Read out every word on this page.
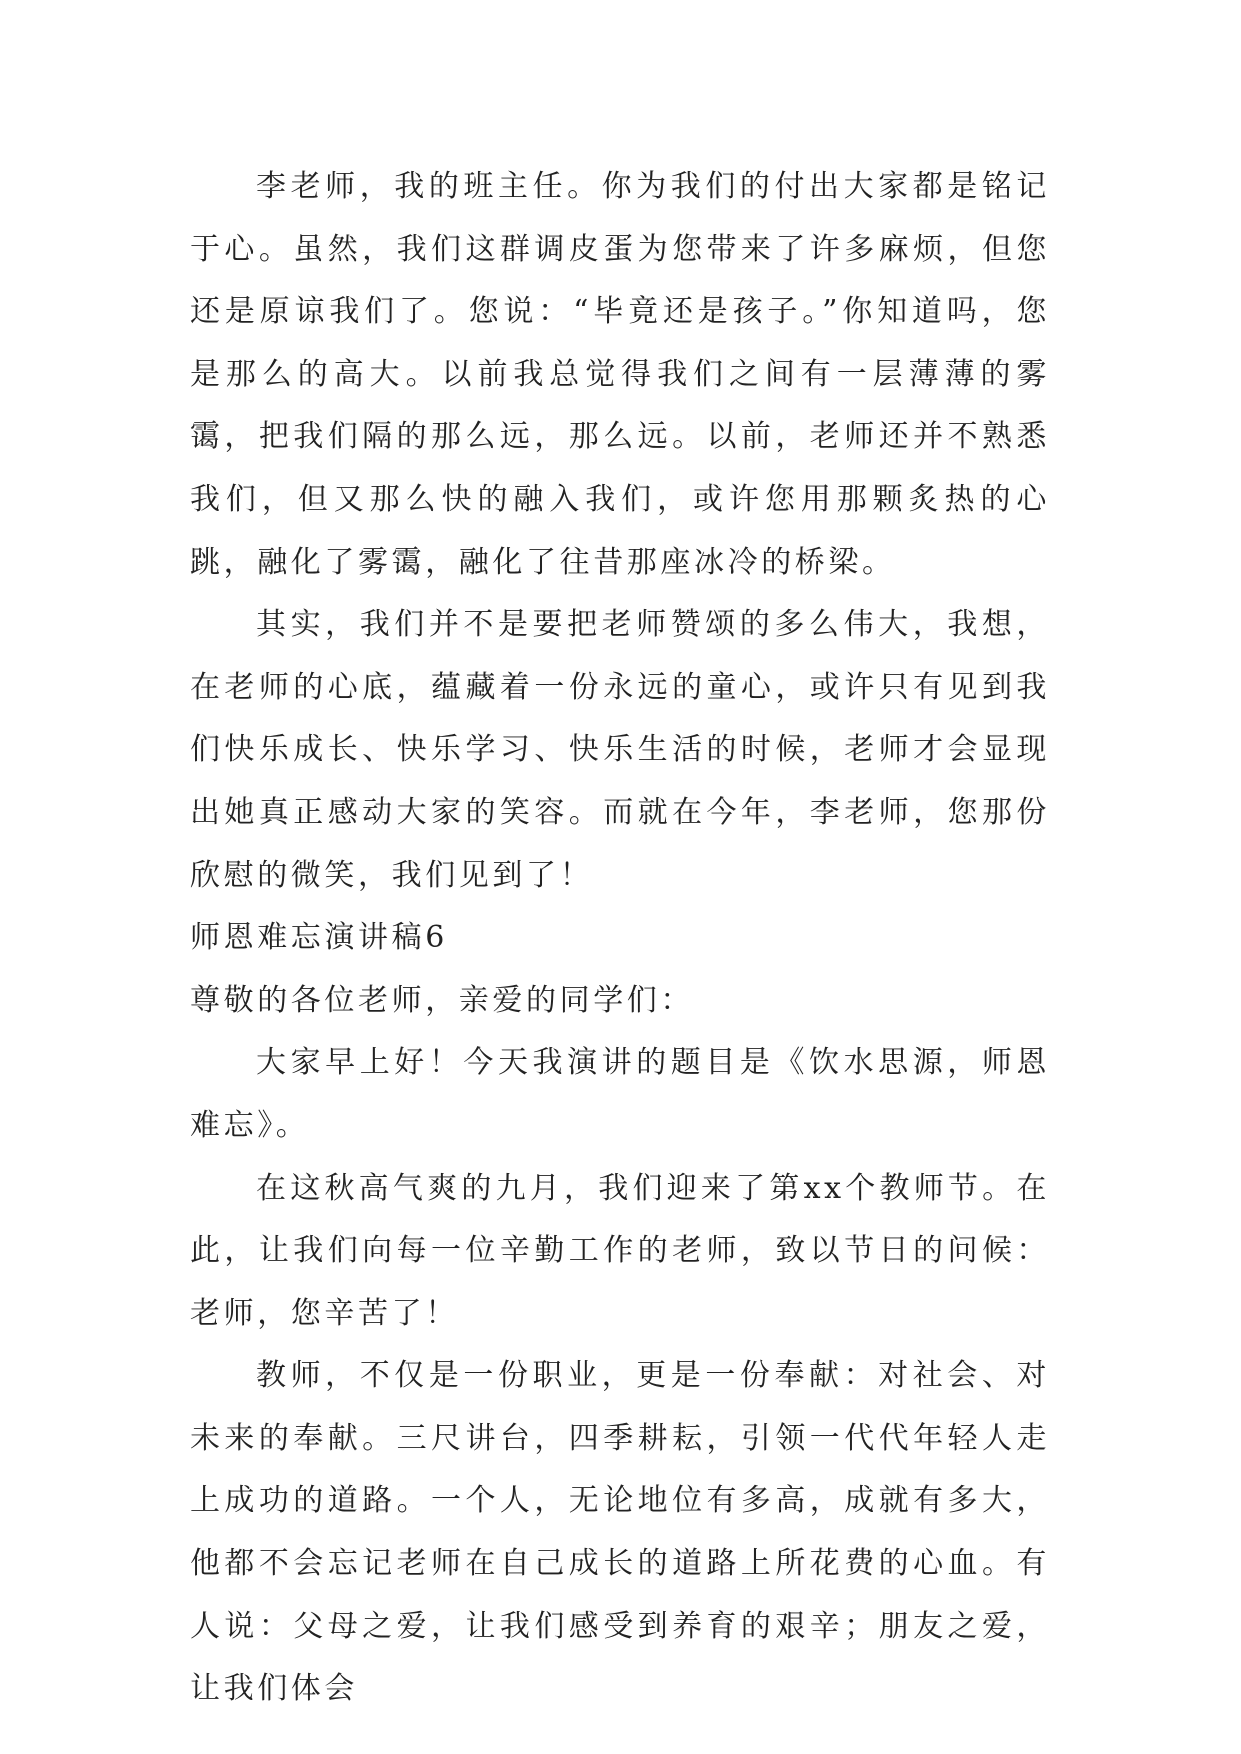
李老师，我的班主任。你为我们的付出大家都是铭记于心。虽然，我们这群调皮蛋为您带来了许多麻烦，但您还是原谅我们了。您说：“毕竟还是孩子。”你知道吗，您是那么的高大。以前我总觉得我们之间有一层薄薄的雾霭，把我们隔的那么远，那么远。以前，老师还并不熟悉我们，但又那么快的融入我们，或许您用那颗炙热的心跳，融化了雾霭，融化了往昔那座冰冷的桥梁。

其实，我们并不是要把老师赞颂的多么伟大，我想，在老师的心底，蕴藏着一份永远的童心，或许只有见到我们快乐成长、快乐学习、快乐生活的时候，老师才会显现出她真正感动大家的笑容。而就在今年，李老师，您那份欣慰的微笑，我们见到了！

师恩难忘演讲稿6

尊敬的各位老师，亲爱的同学们：

大家早上好！今天我演讲的题目是《饮水思源，师恩难忘》。

在这秋高气爽的九月，我们迎来了第xx个教师节。在此，让我们向每一位辛勤工作的老师，致以节日的问候：老师，您辛苦了！

教师，不仅是一份职业，更是一份奉献：对社会、对未来的奉献。三尺讲台，四季耕耘，引领一代代年轻人走上成功的道路。一个人，无论地位有多高，成就有多大，他都不会忘记老师在自己成长的道路上所花费的心血。有人说：父母之爱，让我们感受到养育的艰辛；朋友之爱，让我们体会
